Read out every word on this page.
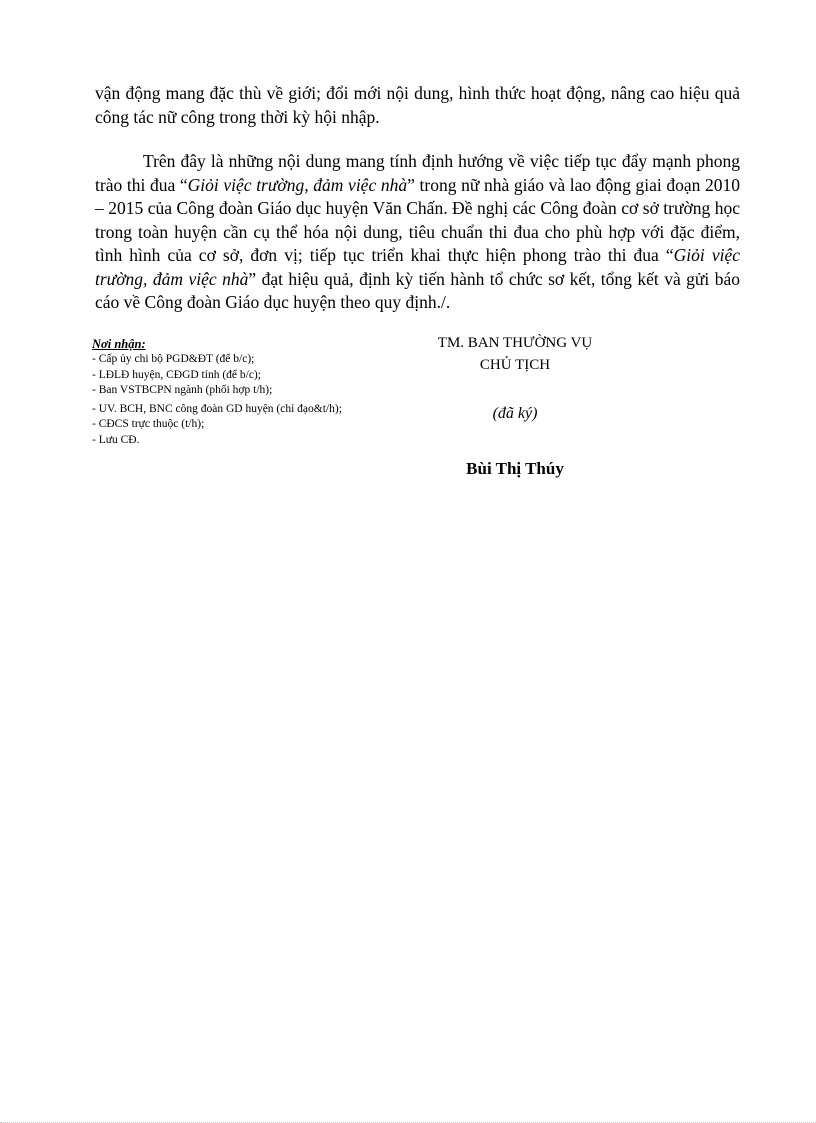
vận động mang đặc thù về giới; đổi mới nội dung, hình thức hoạt động, nâng cao hiệu quả công tác nữ công trong thời kỳ hội nhập.

Trên đây là những nội dung mang tính định hướng về việc tiếp tục đẩy mạnh phong trào thi đua “Giỏi việc trường, đảm việc nhà” trong nữ nhà giáo và lao động giai đoạn 2010 – 2015 của Công đoàn Giáo dục huyện Văn Chấn. Đề nghị các Công đoàn cơ sở trường học trong toàn huyện cần cụ thể hóa nội dung, tiêu chuẩn thi đua cho phù hợp với đặc điểm, tình hình của cơ sở, đơn vị; tiếp tục triển khai thực hiện phong trào thi đua “Giỏi việc trường, đảm việc nhà” đạt hiệu quả, định kỳ tiến hành tổ chức sơ kết, tổng kết và gửi báo cáo về Công đoàn Giáo dục huyện theo quy định./.

Nơi nhận:
- Cấp ủy chi bộ PGD&ĐT (để b/c);
- LĐLĐ huyện, CĐGD tỉnh (để b/c);
- Ban VSTBCPN ngành (phối hợp t/h);
- UV. BCH, BNC công đoàn GD huyện (chỉ đạo&t/h);
- CĐCS trực thuộc (t/h);
- Lưu CĐ.
TM. BAN THƯỜNG VỤ
CHỦ TỊCH
(đã ký)
Bùi Thị Thúy
